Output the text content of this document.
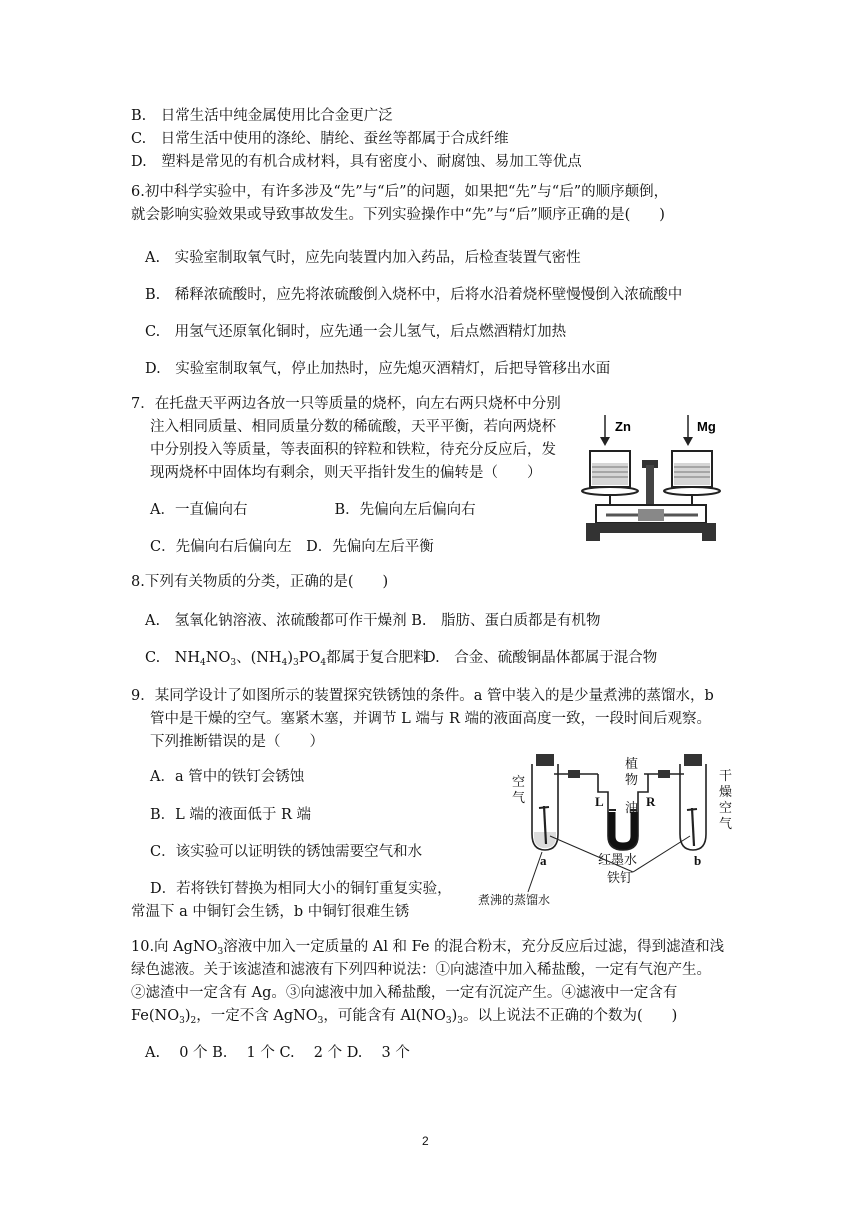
B.　日常生活中纯金属使用比合金更广泛
C.　日常生活中使用的涤纶、腈纶、蚕丝等都属于合成纤维
D.　塑料是常见的有机合成材料，具有密度小、耐腐蚀、易加工等优点
6.初中科学实验中，有许多涉及“先”与“后”的问题，如果把“先”与“后”的顺序颠倒，
就会影响实验效果或导致事故发生。下列实验操作中“先”与“后”顺序正确的是(　　)
A.　实验室制取氧气时，应先向装置内加入药品，后检查装置气密性
B.　稀释浓硫酸时，应先将浓硫酸倒入烧杯中，后将水沿着烧杯壁慢慢倒入浓硫酸中
C.　用氢气还原氧化铜时，应先通一会儿氢气，后点燃酒精灯加热
D.　实验室制取氧气，停止加热时，应先熄灭酒精灯，后把导管移出水面
7．在托盘天平两边各放一只等质量的烧杯，向左右两只烧杯中分别
注入相同质量、相同质量分数的稀硫酸，天平平衡，若向两烧杯
中分别投入等质量，等表面积的锌粒和铁粒，待充分反应后，发
现两烧杯中固体均有剩余，则天平指针发生的偏转是（　　）
A．一直偏向右　　　　　　B．先偏向左后偏向右
C．先偏向右后偏向左　D．先偏向左后平衡
Zn	Mg
8.下列有关物质的分类，正确的是(　　)
A.　氢氧化钠溶液、浓硫酸都可作干燥剂 B.　脂肪、蛋白质都是有机物
C.　$NH_4NO_3$、$(NH_4)_3PO_4$都属于复合肥料
D.　合金、硫酸铜晶体都属于混合物
9．某同学设计了如图所示的装置探究铁锈蚀的条件。a 管中装入的是少量煮沸的蒸馏水，b
管中是干燥的空气。塞紧木塞，并调节 L 端与 R 端的液面高度一致，一段时间后观察。
下列推断错误的是（　　）
A．a 管中的铁钉会锈蚀
B．L 端的液面低于 R 端
C．该实验可以证明铁的锈蚀需要空气和水
D．若将铁钉替换为相同大小的铜钉重复实验，
常温下 a 中铜钉会生锈，b 中铜钉很难生锈
空
气
植
物
油
干
燥
空
气
红墨水
铁钉
煮沸的蒸馏水
L	R
a	b
10.向 AgNO$_3$溶液中加入一定质量的 Al 和 Fe 的混合粉末，充分反应后过滤，得到滤渣和浅
绿色滤液。关于该滤渣和滤液有下列四种说法：①向滤渣中加入稀盐酸，一定有气泡产生。
②滤渣中一定含有 Ag。③向滤液中加入稀盐酸，一定有沉淀产生。④滤液中一定含有
$Fe(NO_3)_2$，一定不含 AgNO$_3$，可能含有 $Al(NO_3)_3$。以上说法不正确的个数为(　　)
A.　 0 个 B.　 1 个 C.　 2 个 D.　 3 个
2
